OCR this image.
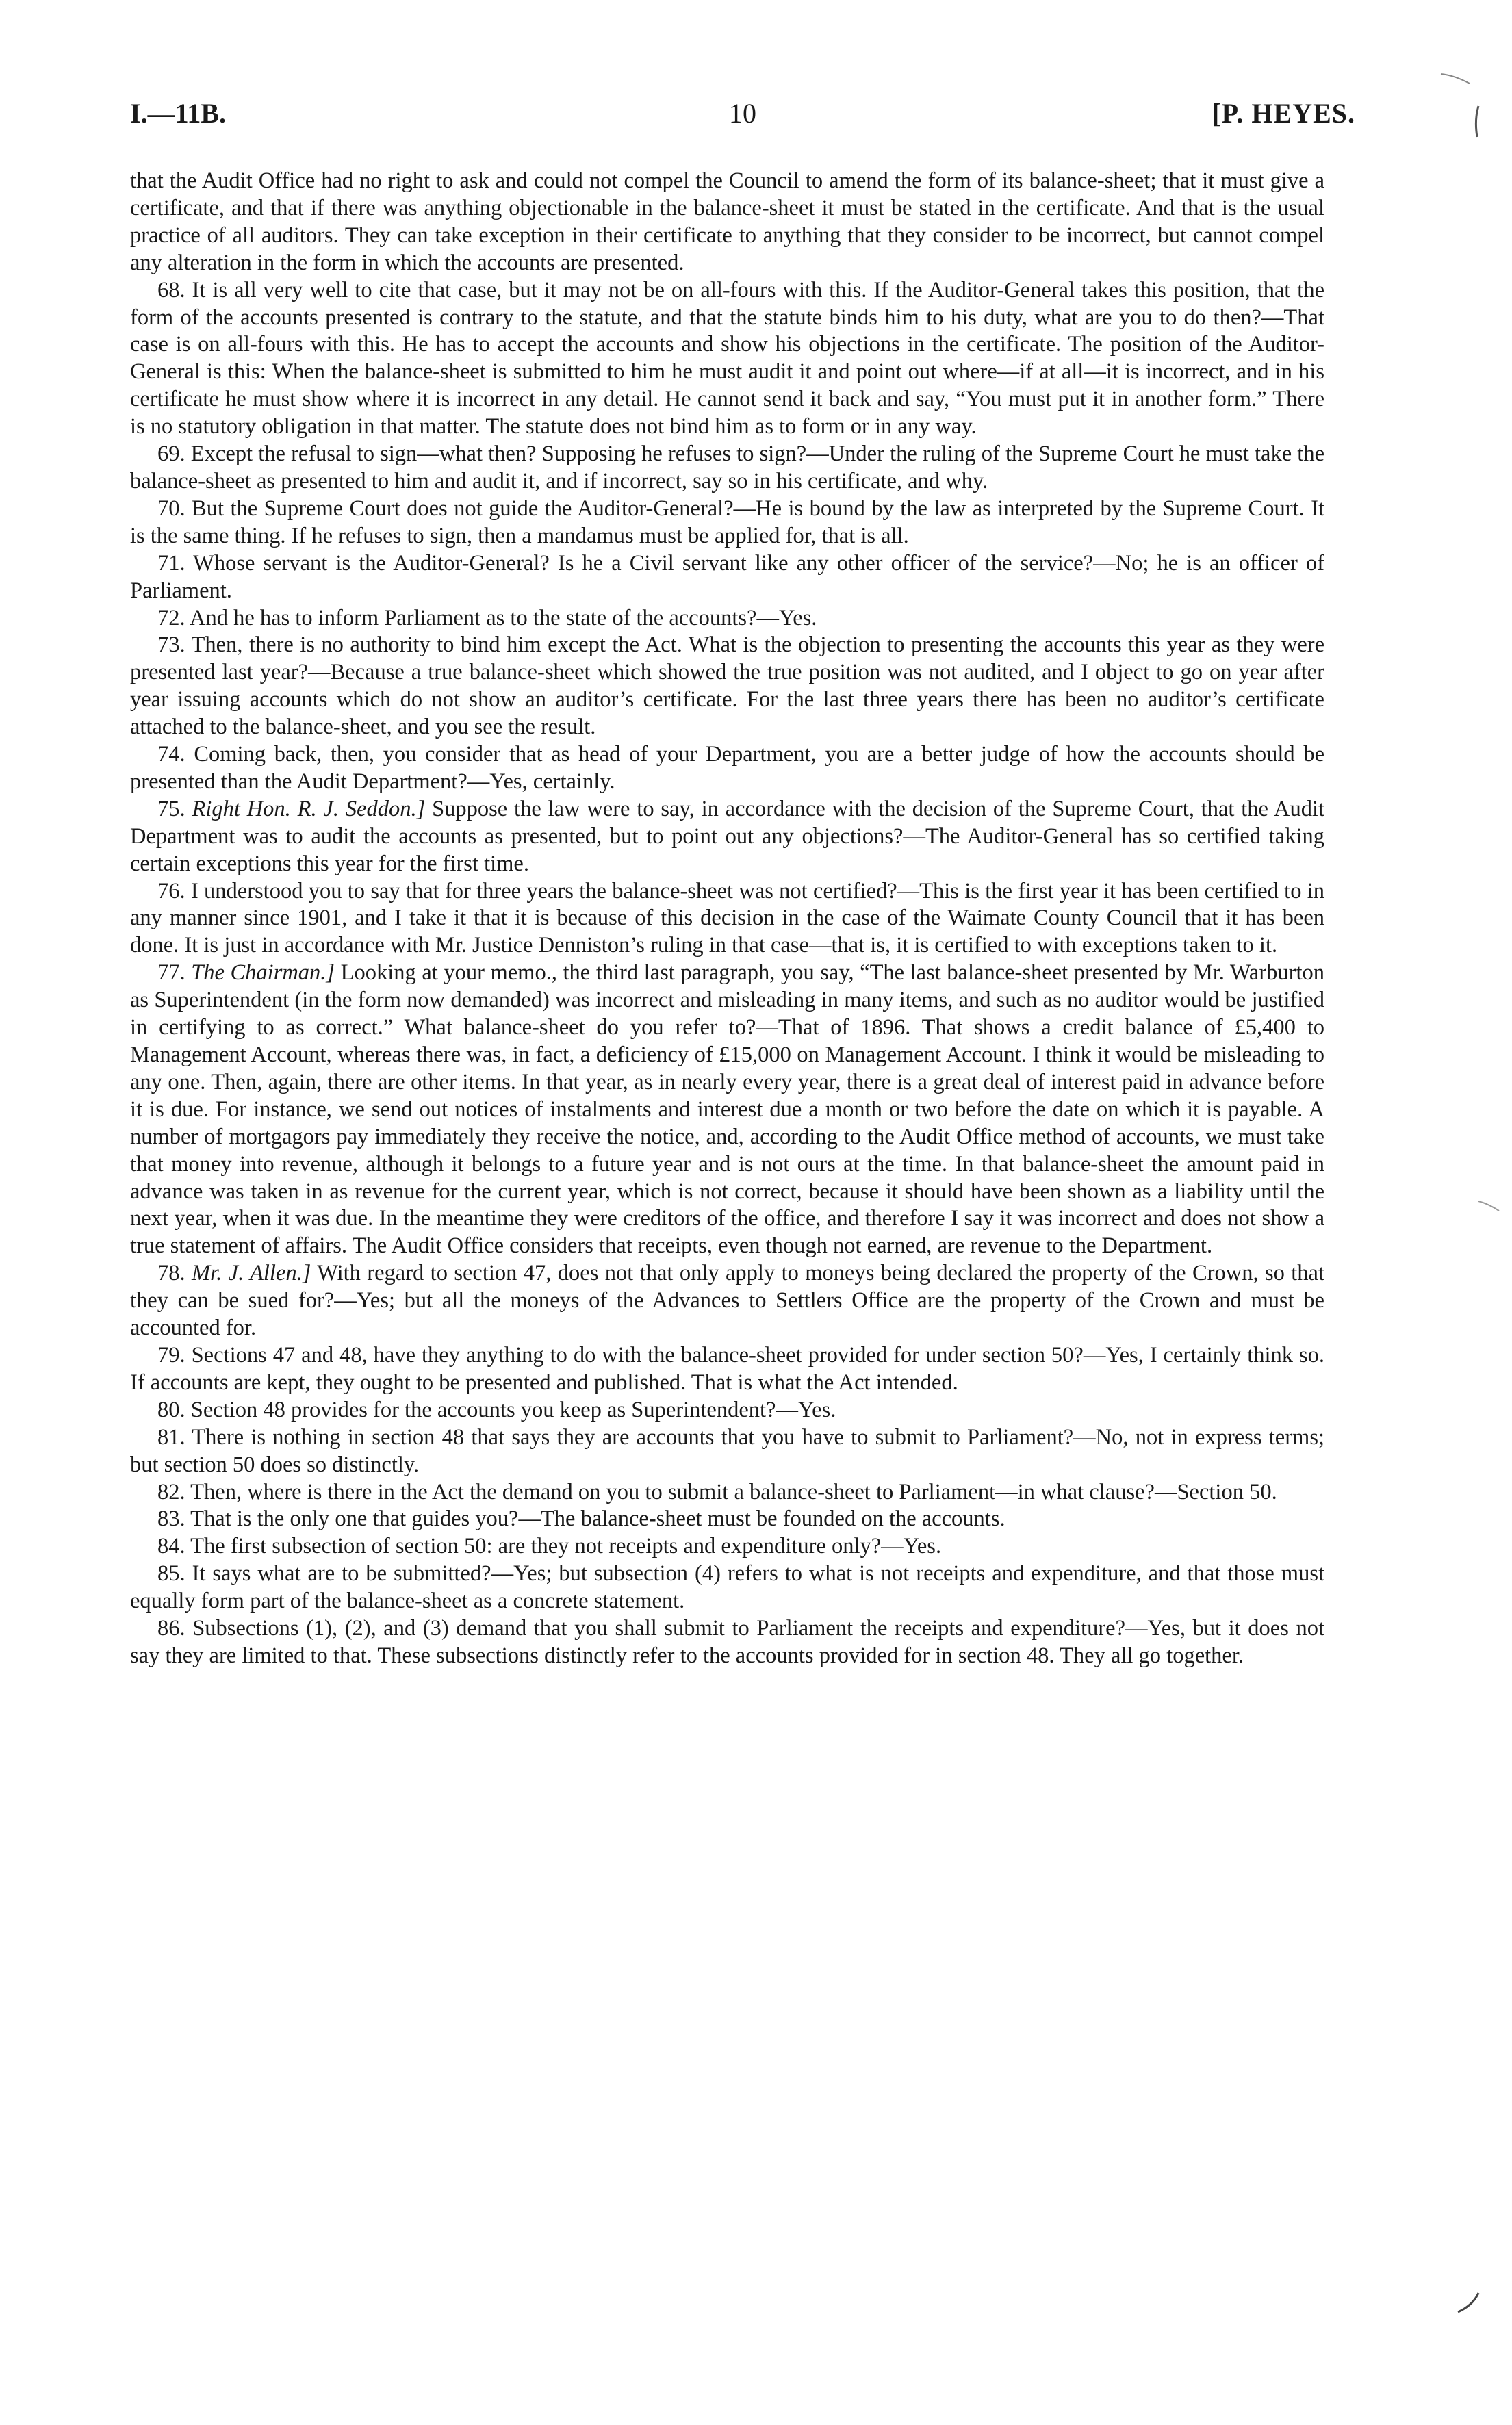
I.—11B.	10	[P. HEYES.

that the Audit Office had no right to ask and could not compel the Council to amend the form of its balance-sheet; that it must give a certificate, and that if there was anything objectionable in the balance-sheet it must be stated in the certificate. And that is the usual practice of all auditors. They can take exception in their certificate to anything that they consider to be incorrect, but cannot compel any alteration in the form in which the accounts are presented.

68. It is all very well to cite that case, but it may not be on all-fours with this. If the Auditor-General takes this position, that the form of the accounts presented is contrary to the statute, and that the statute binds him to his duty, what are you to do then?—That case is on all-fours with this. He has to accept the accounts and show his objections in the certificate. The position of the Auditor-General is this: When the balance-sheet is submitted to him he must audit it and point out where—if at all—it is incorrect, and in his certificate he must show where it is incorrect in any detail. He cannot send it back and say, “You must put it in another form.” There is no statutory obligation in that matter. The statute does not bind him as to form or in any way.

69. Except the refusal to sign—what then? Supposing he refuses to sign?—Under the ruling of the Supreme Court he must take the balance-sheet as presented to him and audit it, and if incorrect, say so in his certificate, and why.

70. But the Supreme Court does not guide the Auditor-General?—He is bound by the law as interpreted by the Supreme Court. It is the same thing. If he refuses to sign, then a mandamus must be applied for, that is all.

71. Whose servant is the Auditor-General? Is he a Civil servant like any other officer of the service?—No; he is an officer of Parliament.

72. And he has to inform Parliament as to the state of the accounts?—Yes.

73. Then, there is no authority to bind him except the Act. What is the objection to presenting the accounts this year as they were presented last year?—Because a true balance-sheet which showed the true position was not audited, and I object to go on year after year issuing accounts which do not show an auditor’s certificate. For the last three years there has been no auditor’s certificate attached to the balance-sheet, and you see the result.

74. Coming back, then, you consider that as head of your Department, you are a better judge of how the accounts should be presented than the Audit Department?—Yes, certainly.

75. Right Hon. R. J. Seddon.] Suppose the law were to say, in accordance with the decision of the Supreme Court, that the Audit Department was to audit the accounts as presented, but to point out any objections?—The Auditor-General has so certified taking certain exceptions this year for the first time.

76. I understood you to say that for three years the balance-sheet was not certified?—This is the first year it has been certified to in any manner since 1901, and I take it that it is because of this decision in the case of the Waimate County Council that it has been done. It is just in accordance with Mr. Justice Denniston’s ruling in that case—that is, it is certified to with exceptions taken to it.

77. The Chairman.] Looking at your memo., the third last paragraph, you say, “The last balance-sheet presented by Mr. Warburton as Superintendent (in the form now demanded) was incorrect and misleading in many items, and such as no auditor would be justified in certifying to as correct.” What balance-sheet do you refer to?—That of 1896. That shows a credit balance of £5,400 to Management Account, whereas there was, in fact, a deficiency of £15,000 on Management Account. I think it would be misleading to any one. Then, again, there are other items. In that year, as in nearly every year, there is a great deal of interest paid in advance before it is due. For instance, we send out notices of instalments and interest due a month or two before the date on which it is payable. A number of mortgagors pay immediately they receive the notice, and, according to the Audit Office method of accounts, we must take that money into revenue, although it belongs to a future year and is not ours at the time. In that balance-sheet the amount paid in advance was taken in as revenue for the current year, which is not correct, because it should have been shown as a liability until the next year, when it was due. In the meantime they were creditors of the office, and therefore I say it was incorrect and does not show a true statement of affairs. The Audit Office considers that receipts, even though not earned, are revenue to the Department.

78. Mr. J. Allen.] With regard to section 47, does not that only apply to moneys being declared the property of the Crown, so that they can be sued for?—Yes; but all the moneys of the Advances to Settlers Office are the property of the Crown and must be accounted for.

79. Sections 47 and 48, have they anything to do with the balance-sheet provided for under section 50?—Yes, I certainly think so. If accounts are kept, they ought to be presented and published. That is what the Act intended.

80. Section 48 provides for the accounts you keep as Superintendent?—Yes.

81. There is nothing in section 48 that says they are accounts that you have to submit to Parliament?—No, not in express terms; but section 50 does so distinctly.

82. Then, where is there in the Act the demand on you to submit a balance-sheet to Parliament—in what clause?—Section 50.

83. That is the only one that guides you?—The balance-sheet must be founded on the accounts.

84. The first subsection of section 50: are they not receipts and expenditure only?—Yes.

85. It says what are to be submitted?—Yes; but subsection (4) refers to what is not receipts and expenditure, and that those must equally form part of the balance-sheet as a concrete statement.

86. Subsections (1), (2), and (3) demand that you shall submit to Parliament the receipts and expenditure?—Yes, but it does not say they are limited to that. These subsections distinctly refer to the accounts provided for in section 48. They all go together.
